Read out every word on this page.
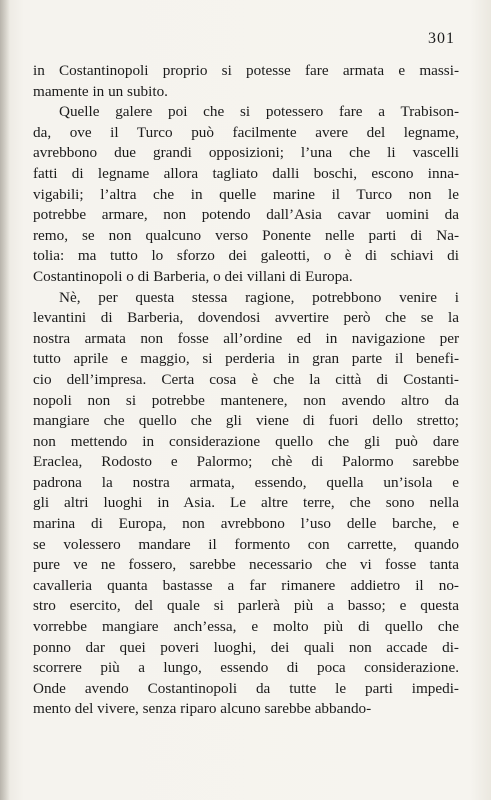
301
in Costantinopoli proprio si potesse fare armata e massi-
mamente in un subito.
Quelle galere poi che si potessero fare a Trabison-
da, ove il Turco può facilmente avere del legname,
avrebbono due grandi opposizioni; l’una che li vascelli
fatti di legname allora tagliato dalli boschi, escono inna-
vigabili; l’altra che in quelle marine il Turco non le
potrebbe armare, non potendo dall’Asia cavar uomini da
remo, se non qualcuno verso Ponente nelle parti di Na-
tolia: ma tutto lo sforzo dei galeotti, o è di schiavi di
Costantinopoli o di Barberia, o dei villani di Europa.
Nè, per questa stessa ragione, potrebbono venire i
levantini di Barberia, dovendosi avvertire però che se la
nostra armata non fosse all’ordine ed in navigazione per
tutto aprile e maggio, si perderia in gran parte il benefi-
cio dell’impresa. Certa cosa è che la città di Costanti-
nopoli non si potrebbe mantenere, non avendo altro da
mangiare che quello che gli viene di fuori dello stretto;
non mettendo in considerazione quello che gli può dare
Eraclea, Rodosto e Palormo; chè di Palormo sarebbe
padrona la nostra armata, essendo, quella un’isola e
gli altri luoghi in Asia. Le altre terre, che sono nella
marina di Europa, non avrebbono l’uso delle barche, e
se volessero mandare il formento con carrette, quando
pure ve ne fossero, sarebbe necessario che vi fosse tanta
cavalleria quanta bastasse a far rimanere addietro il no-
stro esercito, del quale si parlerà più a basso; e questa
vorrebbe mangiare anch’essa, e molto più di quello che
ponno dar quei poveri luoghi, dei quali non accade di-
scorrere più a lungo, essendo di poca considerazione.
Onde avendo Costantinopoli da tutte le parti impedi-
mento del vivere, senza riparo alcuno sarebbe abbando-
